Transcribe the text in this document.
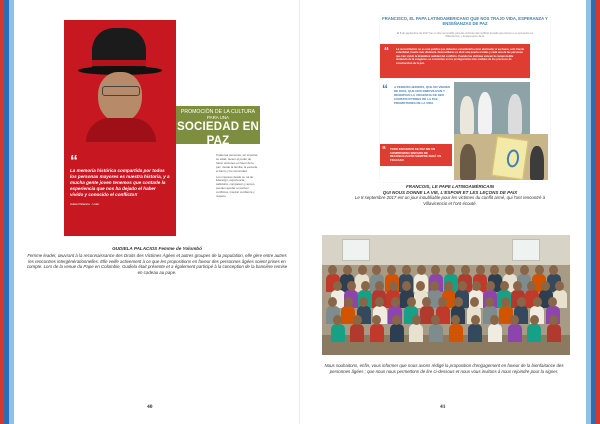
“
La memoria histórica compartida por todos los personas mayores es nuestra historia, y a mucha gente joven tenemos que contarle la experiencia que nos ha dejado el haber vivido y conocido el conflicto!!
Adela Palacios · Líder
PROMOCIÓN DE LA CULTURA
PARA UNA
SOCIEDAD EN PAZ

Todas las personas, sin importar su edad, tienen el poder de hacer acciones en favor de la paz, desde la familia, la escuela, el barrio y la comunidad.

Los mayores desde su rol de liderazgo, experiencia, sabiduría, compasión y apoyo, pueden ayudar a resolver conflictos, inspirar confianza y respeto.

GUDIELA PALACIOS Femme de Yolombó

Femme leader, œuvrant à la reconnaissance des Droits des Victimes Âgées et autres groupes de la population, elle gère entre autres les rencontres intergénérationnelles. Elle veille activement à ce que les propositions en faveur des personnes âgées soient prises en compte. Lors de la venue du Pape en Colombie, Gudiela était présente et a également participé à la conception de la bannière remise en cadeau au pape.

40
FRANCISCO, EL PAPA LATINOAMERICANO QUE NOS TRAJO VIDA, ESPERANZA Y ENSEÑANZAS DE PAZ
El 8 de septiembre de 2017 fue un día memorable para las víctimas del conflicto armado que fueron a su encuentro en Villavicencio, y desayunaron de él.
“	La reconciliación no es una palabra que debemos considerarla como abstracta; si así fuera, solo traería esterilidad, traería más distancia. Reconciliarse es abrir una puerta a todas y cada una de las personas que han vivido la dramática realidad del conflicto. Cuando las víctimas vencen la comprensible tentación de la venganza, se convierten en los protagonistas más creíbles de los procesos de construcción de la paz.
“ A PERDÓN HERIDOS, QUE NO VIENEN DE DIOS, QUE NOS INMOVILIZAN Y RESERVAN LA URGENCIA DE SER CONSTRUCTORES DE LA PAZ, PROMOTORES DE LA VIDA
“ TODO ESFUERZO DE PAZ SIN UN COMPROMISO SINCERO DE RECONCILIACIÓN SIEMPRE SERÁ UN FRACASO

FRANCOIS, LE PAPE LATINOAMÉRICAIN

QUI NOUS DONNE LA VIE, L'ESPOIR ET LES LEÇONS DE PAIX

Le 8 septembre 2017 est un jour inoubliable pour les victimes du conflit armé, qui l'ont rencontré à Villavicencio et l'ont écouté.

Nous souhaitons, enfin, vous informer que nous avons rédigé la proposition d'engagement en faveur de la bienfaitance des personnes âgées ; que nous nous permettons de lire ci-dessous et nous vous invitons à nous rejoindre pour la signer.

41
